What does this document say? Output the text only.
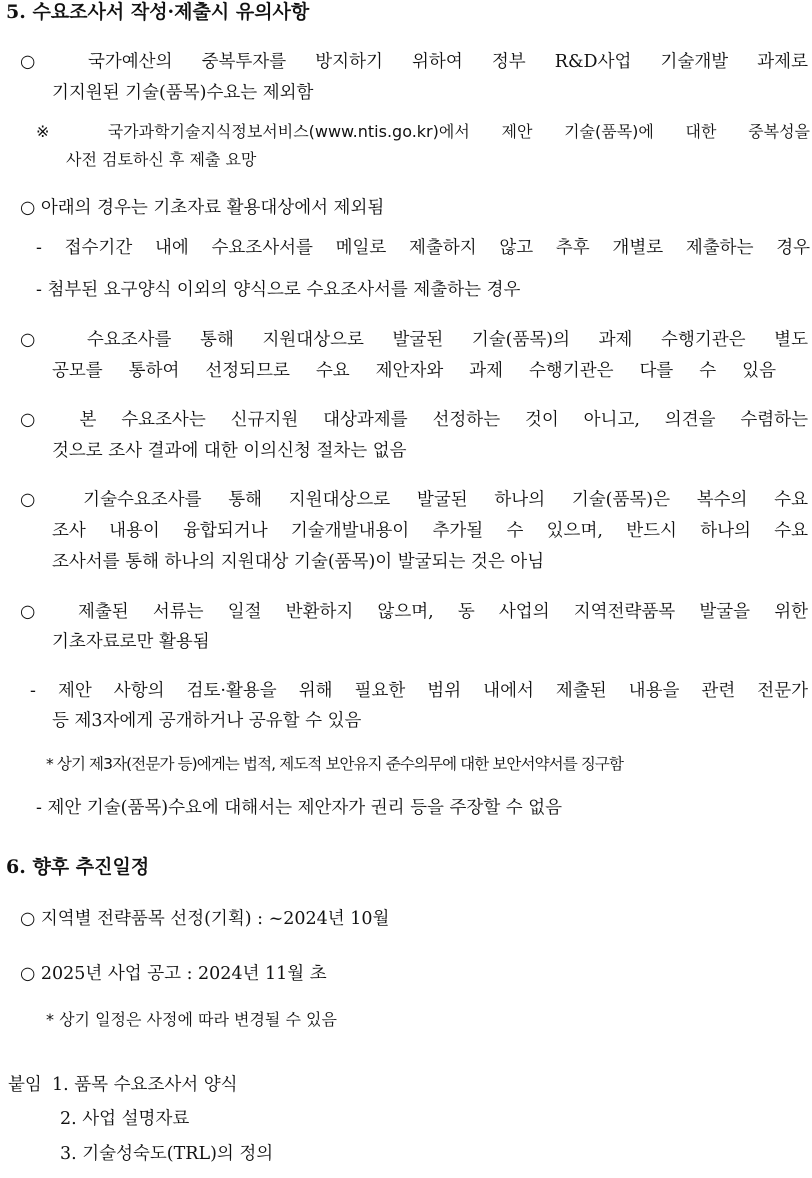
5. 수요조사서 작성·제출시 유의사항
○ 국가예산의 중복투자를 방지하기 위하여 정부 R&D사업 기술개발 과제로
기지원된 기술(품목)수요는 제외함
※ 국가과학기술지식정보서비스(www.ntis.go.kr)에서 제안 기술(품목)에 대한 중복성을
사전 검토하신 후 제출 요망
○ 아래의 경우는 기초자료 활용대상에서 제외됨
- 접수기간 내에 수요조사서를 메일로 제출하지 않고 추후 개별로 제출하는 경우
- 첨부된 요구양식 이외의 양식으로 수요조사서를 제출하는 경우
○ 수요조사를 통해 지원대상으로 발굴된 기술(품목)의 과제 수행기관은 별도
공모를 통하여 선정되므로 수요 제안자와 과제 수행기관은 다를 수 있음
○ 본 수요조사는 신규지원 대상과제를 선정하는 것이 아니고, 의견을 수렴하는
것으로 조사 결과에 대한 이의신청 절차는 없음
○ 기술수요조사를 통해 지원대상으로 발굴된 하나의 기술(품목)은 복수의 수요
조사 내용이 융합되거나 기술개발내용이 추가될 수 있으며, 반드시 하나의 수요
조사서를 통해 하나의 지원대상 기술(품목)이 발굴되는 것은 아님
○ 제출된 서류는 일절 반환하지 않으며, 동 사업의 지역전략품목 발굴을 위한
기초자료로만 활용됨
- 제안 사항의 검토·활용을 위해 필요한 범위 내에서 제출된 내용을 관련 전문가
등 제3자에게 공개하거나 공유할 수 있음
* 상기 제3자(전문가 등)에게는 법적, 제도적 보안유지 준수의무에 대한 보안서약서를 징구함
- 제안 기술(품목)수요에 대해서는 제안자가 권리 등을 주장할 수 없음
6. 향후 추진일정
○ 지역별 전략품목 선정(기획) : ~2024년 10월
○ 2025년 사업 공고 : 2024년 11월 초
* 상기 일정은 사정에 따라 변경될 수 있음
붙임 1. 품목 수요조사서 양식
2. 사업 설명자료
3. 기술성숙도(TRL)의 정의
